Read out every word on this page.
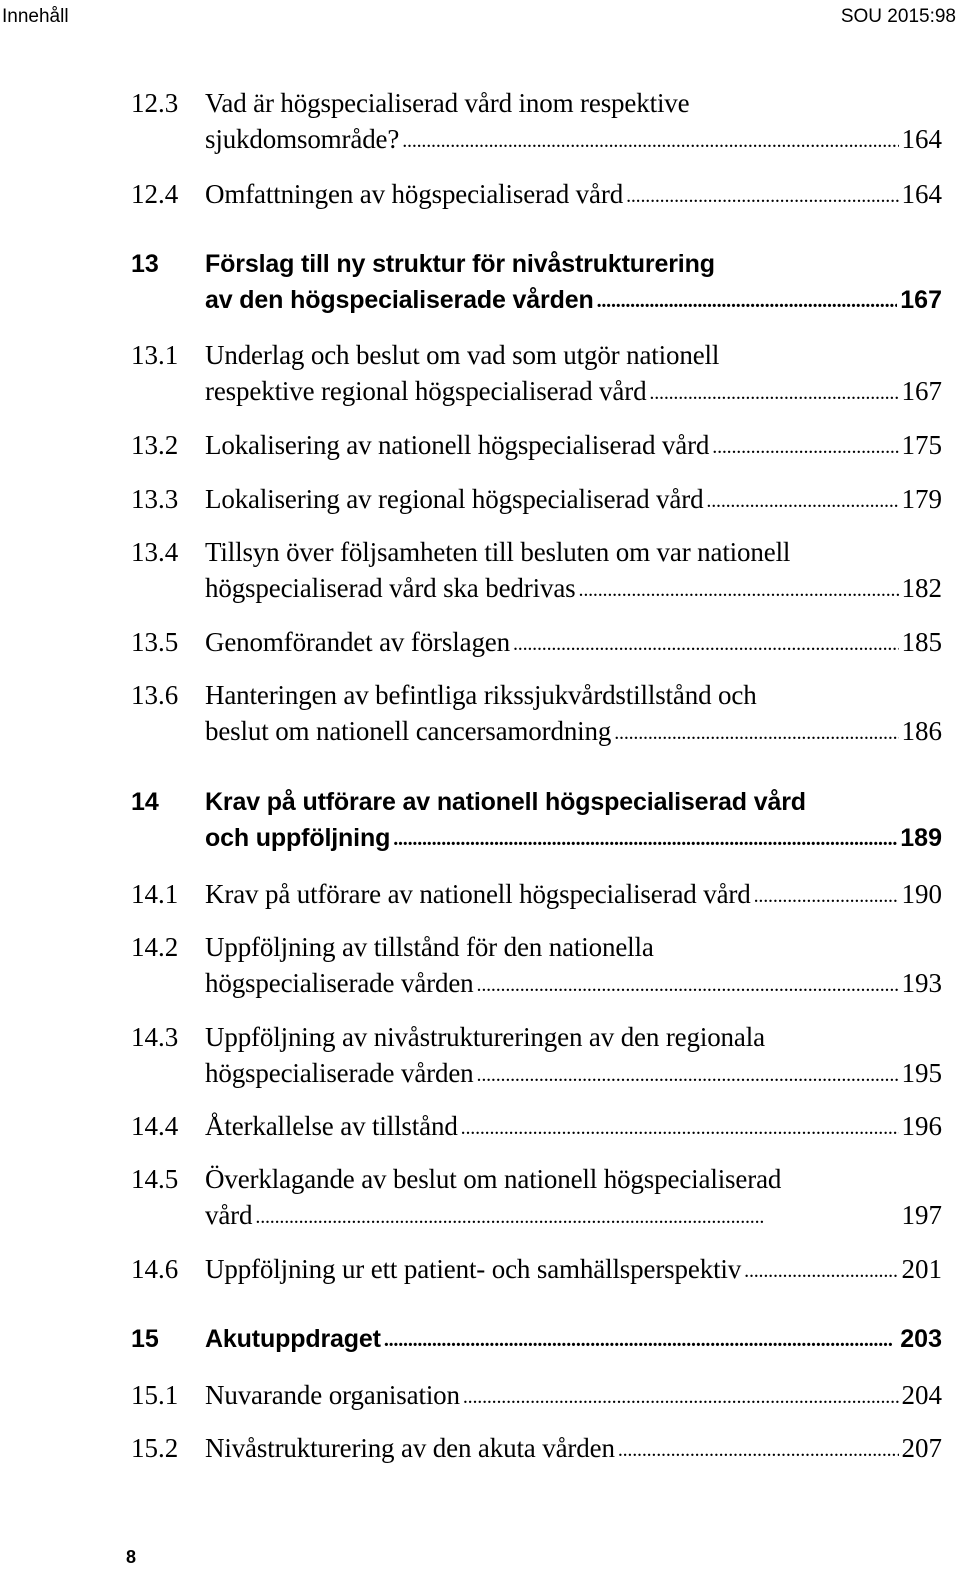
Innehåll	SOU 2015:98
12.3 Vad är högspecialiserad vård inom respektive
sjukdomsområde? . . .	164
12.4 Omfattningen av högspecialiserad vård . . .	164
13 Förslag till ny struktur för nivåstrukturering
av den högspecialiserade vården . . .	167
13.1 Underlag och beslut om vad som utgör nationell
respektive regional högspecialiserad vård . . .	167
13.2 Lokalisering av nationell högspecialiserad vård . . .	175
13.3 Lokalisering av regional högspecialiserad vård . . .	179
13.4 Tillsyn över följsamheten till besluten om var nationell
högspecialiserad vård ska bedrivas . . .	182
13.5 Genomförandet av förslagen . . .	185
13.6 Hanteringen av befintliga rikssjukvårdstillstånd och
beslut om nationell cancersamordning . . .	186
14 Krav på utförare av nationell högspecialiserad vård
och uppföljning . . .	189
14.1 Krav på utförare av nationell högspecialiserad vård . . .	190
14.2 Uppföljning av tillstånd för den nationella
högspecialiserade vården . . .	193
14.3 Uppföljning av nivåstruktureringen av den regionala
högspecialiserade vården . . .	195
14.4 Återkallelse av tillstånd . . .	196
14.5 Överklagande av beslut om nationell högspecialiserad
vård . . .	197
14.6 Uppföljning ur ett patient- och samhällsperspektiv . . .	201
15 Akutuppdraget . . .	203
15.1 Nuvarande organisation . . .	204
15.2 Nivåstrukturering av den akuta vården . . .	207
8
